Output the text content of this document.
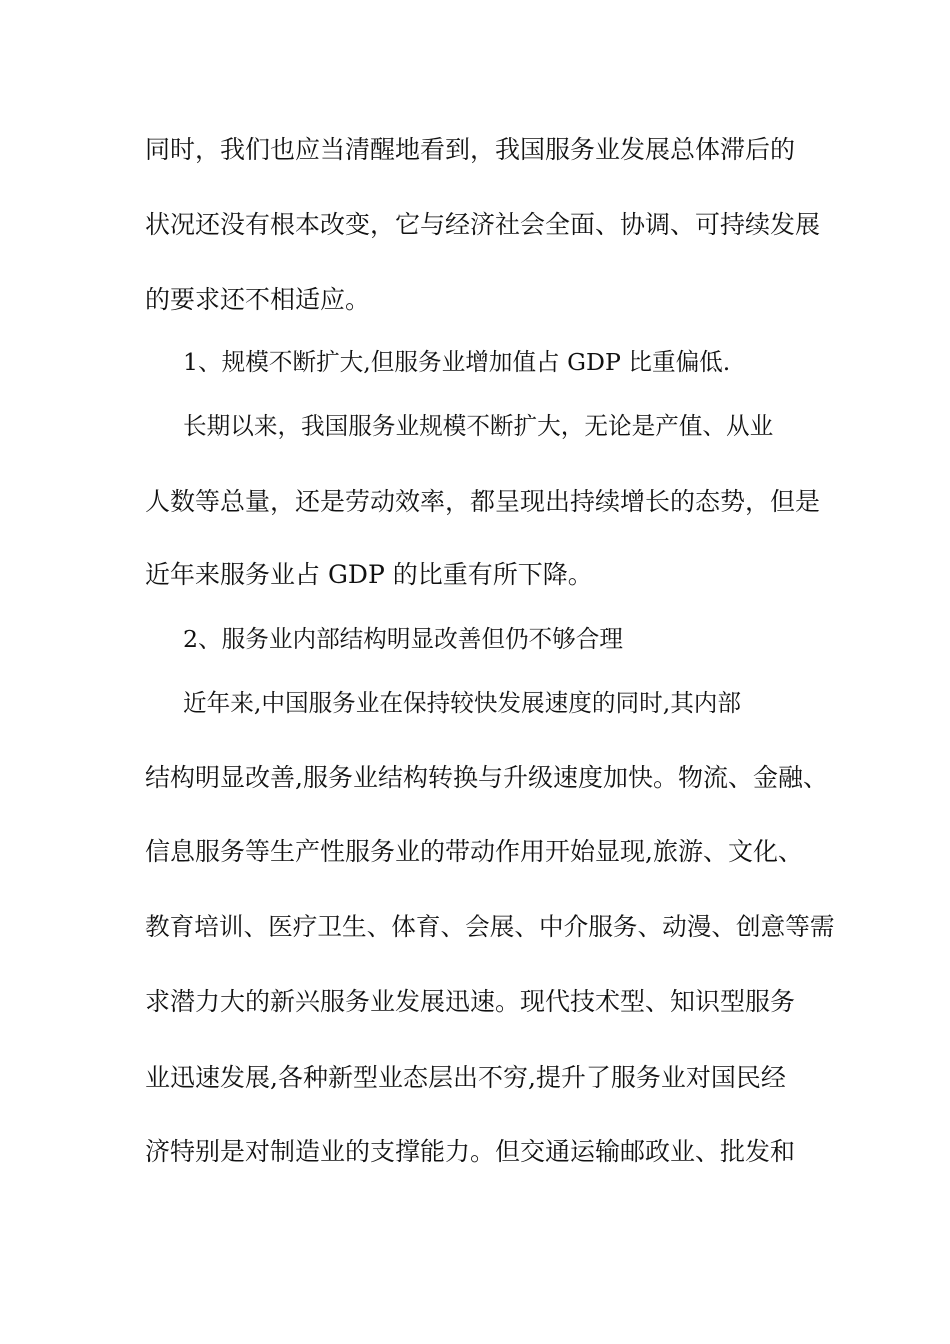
同时，我们也应当清醒地看到，我国服务业发展总体滞后的
状况还没有根本改变，它与经济社会全面、协调、可持续发展
的要求还不相适应。
1、规模不断扩大,但服务业增加值占 GDP 比重偏低.
长期以来，我国服务业规模不断扩大，无论是产值、从业
人数等总量，还是劳动效率，都呈现出持续增长的态势，但是
近年来服务业占 GDP 的比重有所下降。
2、服务业内部结构明显改善但仍不够合理
近年来,中国服务业在保持较快发展速度的同时,其内部
结构明显改善,服务业结构转换与升级速度加快。物流、金融、
信息服务等生产性服务业的带动作用开始显现,旅游、文化、
教育培训、医疗卫生、体育、会展、中介服务、动漫、创意等需
求潜力大的新兴服务业发展迅速。现代技术型、知识型服务
业迅速发展,各种新型业态层出不穷,提升了服务业对国民经
济特别是对制造业的支撑能力。但交通运输邮政业、批发和
